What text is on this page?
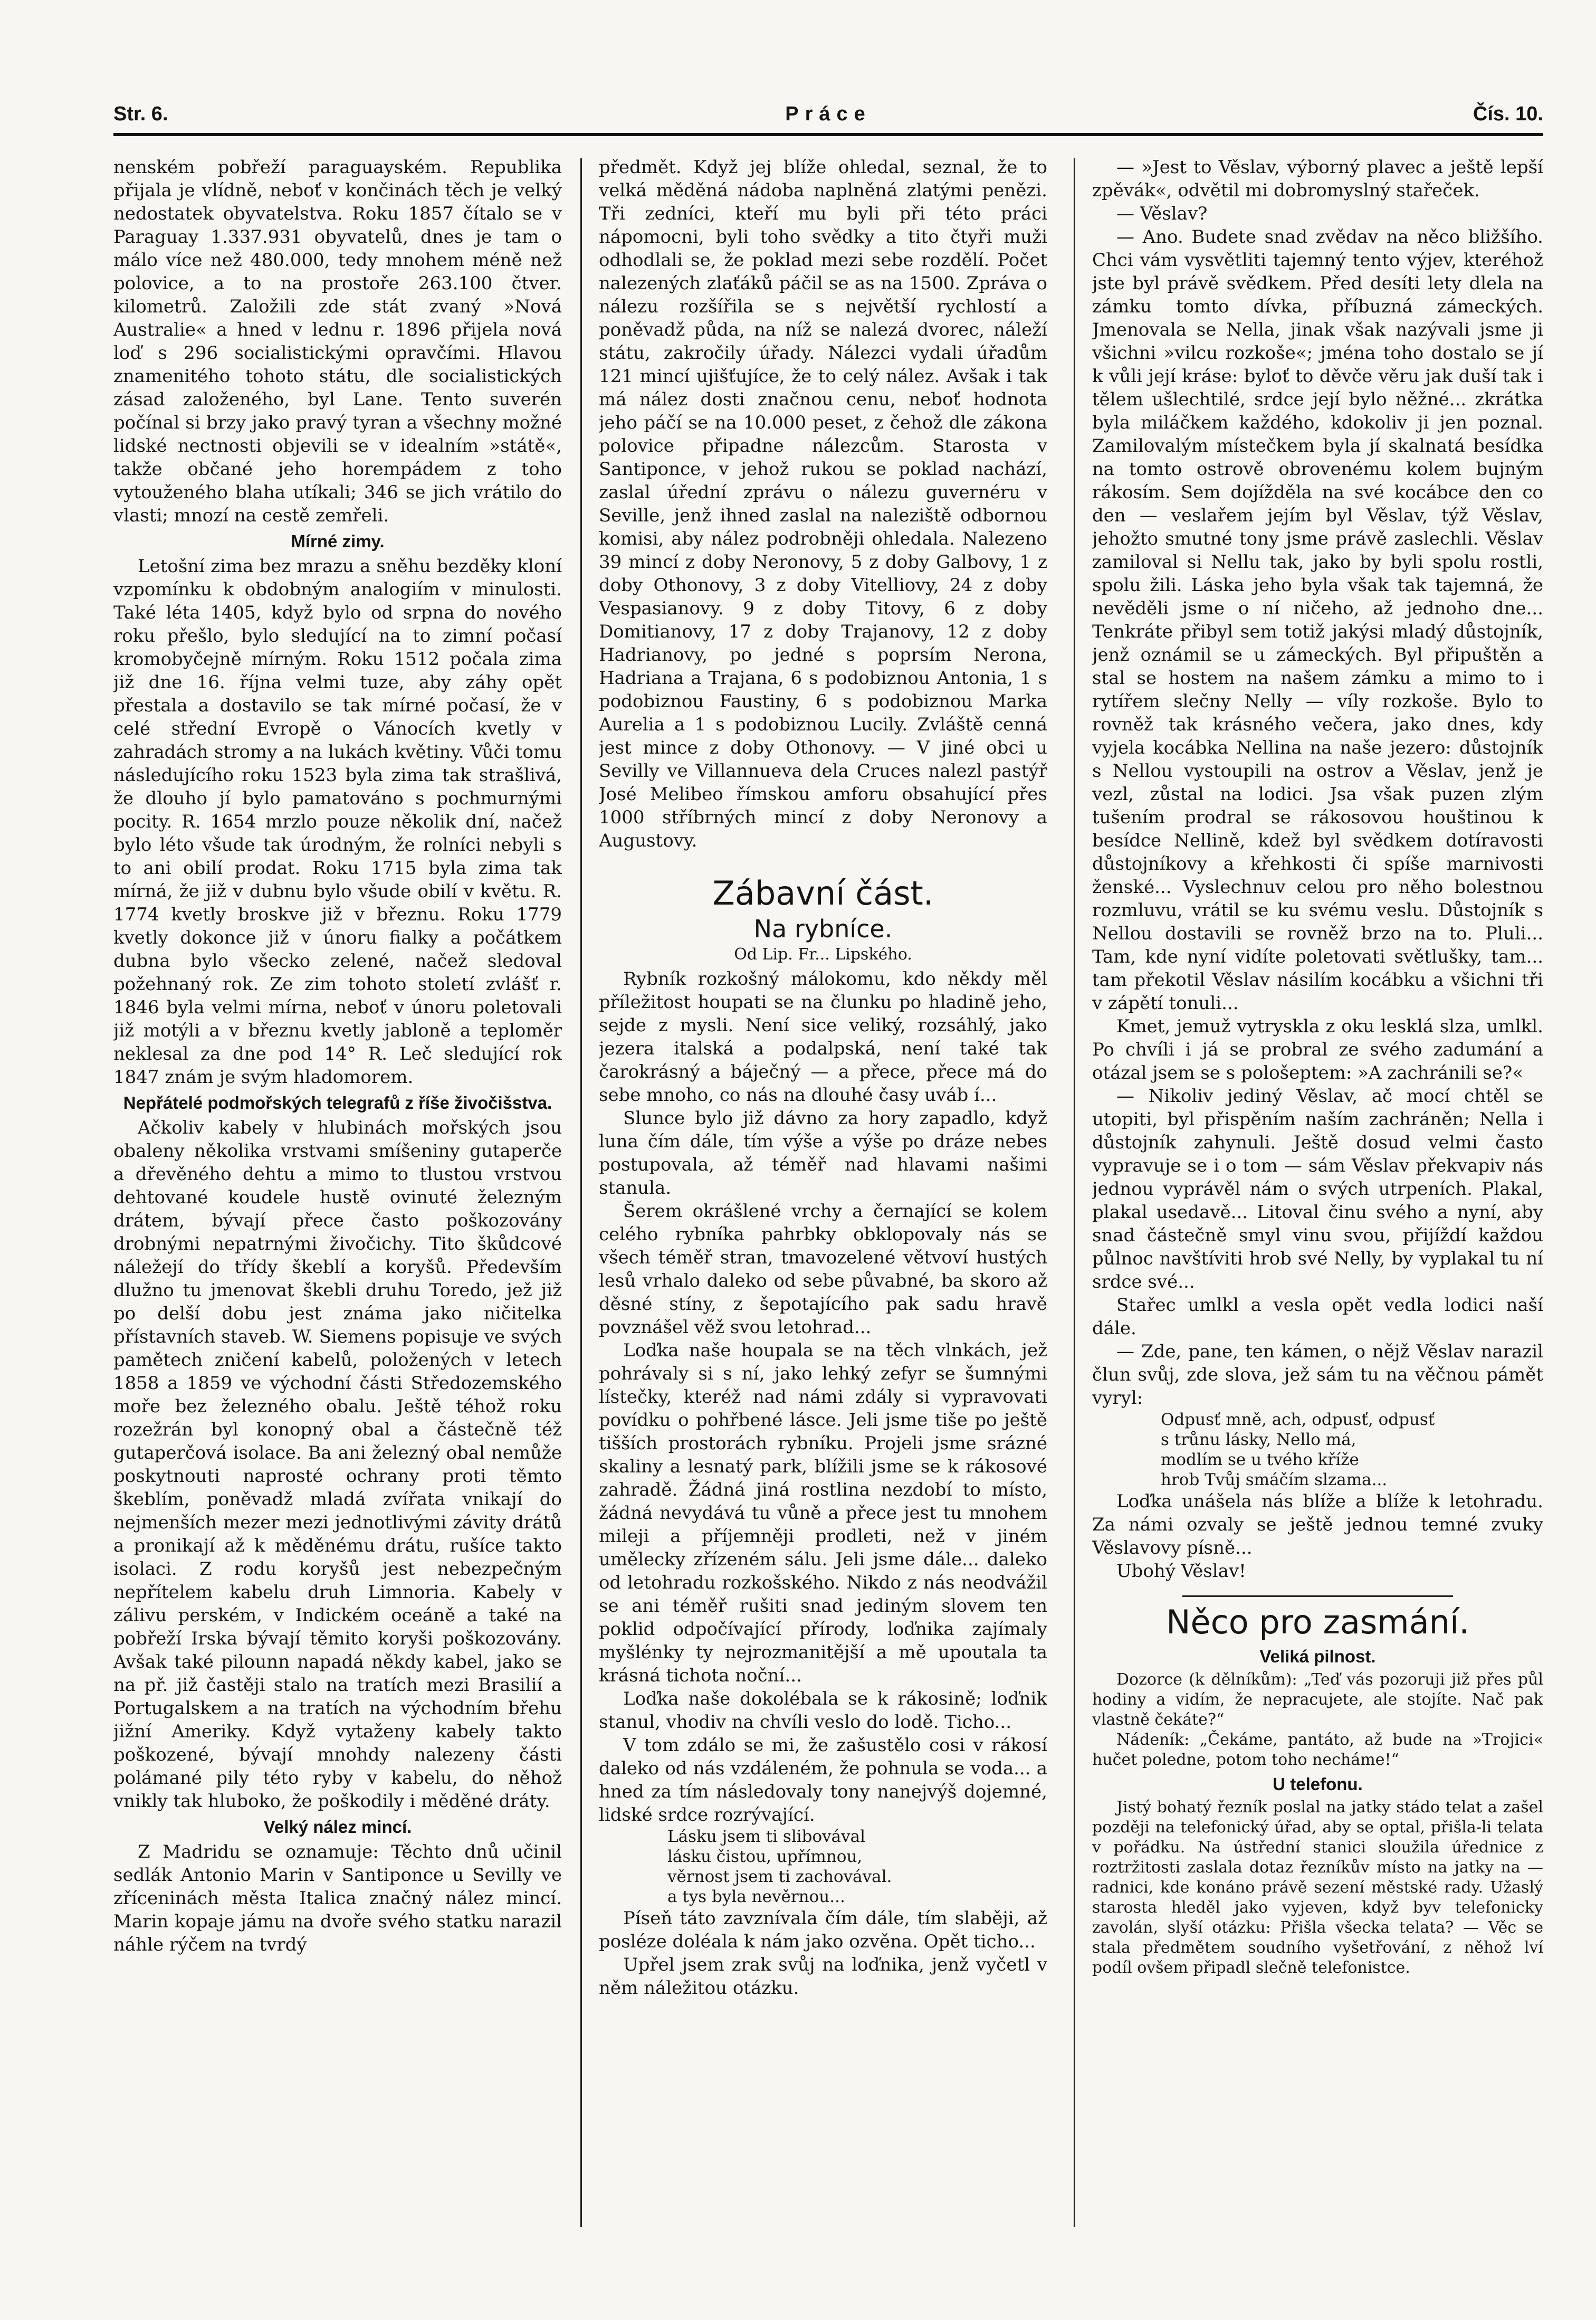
Str. 6.	Práce	Čís. 10.

nenském pobřeží paraguayském. Republika přijala je vlídně, neboť v končinách těch je velký nedostatek obyvatelstva. Roku 1857 čítalo se v Paraguay 1.337.931 obyvatelů, dnes je tam o málo více než 480.000, tedy mnohem méně než polovice, a to na prostoře 263.100 čtver. kilometrů. Založili zde stát zvaný »Nová Australie« a hned v lednu r. 1896 přijela nová loď s 296 socialistickými opravčími. Hlavou znamenitého tohoto státu, dle socialistických zásad založeného, byl Lane. Tento suverén počínal si brzy jako pravý tyran a všechny možné lidské nectnosti objevili se v idealním »státě«, takže občané jeho horempádem z toho vytouženého blaha utíkali; 346 se jich vrátilo do vlasti; mnozí na cestě zemřeli.

Mírné zimy.

Letošní zima bez mrazu a sněhu bezděky kloní vzpomínku k obdobným analogiím v minulosti. Také léta 1405, když bylo od srpna do nového roku přešlo, bylo sledující na to zimní počasí kromobyčejně mírným. Roku 1512 počala zima již dne 16. října velmi tuze, aby záhy opět přestala a dostavilo se tak mírné počasí, že v celé střední Evropě o Vánocích kvetly v zahradách stromy a na lukách květiny. Vůči tomu následujícího roku 1523 byla zima tak strašlivá, že dlouho jí bylo pamatováno s pochmurnými pocity. R. 1654 mrzlo pouze několik dní, načež bylo léto všude tak úrodným, že rolníci nebyli s to ani obilí prodat. Roku 1715 byla zima tak mírná, že již v dubnu bylo všude obilí v květu. R. 1774 kvetly broskve již v březnu. Roku 1779 kvetly dokonce již v únoru fialky a počátkem dubna bylo všecko zelené, načež sledoval požehnaný rok. Ze zim tohoto století zvlášť r. 1846 byla velmi mírna, neboť v únoru poletovali již motýli a v březnu kvetly jabloně a teploměr neklesal za dne pod 14° R. Leč sledující rok 1847 znám je svým hladomorem.

Nepřátelé podmořských telegrafů z říše živočišstva.

Ačkoliv kabely v hlubinách mořských jsou obaleny několika vrstvami smíšeniny gutaperče a dřevěného dehtu a mimo to tlustou vrstvou dehtované koudele hustě ovinuté železným drátem, bývají přece často poškozovány drobnými nepatrnými živočichy. Tito škůdcové náležejí do třídy škeblí a koryšů. Především dlužno tu jmenovat škebli druhu Toredo, jež již po delší dobu jest známa jako ničitelka přístavních staveb. W. Siemens popisuje ve svých pamětech zničení kabelů, položených v letech 1858 a 1859 ve východní části Středozemského moře bez železného obalu. Ještě téhož roku rozežrán byl konopný obal a částečně též gutaperčová isolace. Ba ani železný obal nemůže poskytnouti naprosté ochrany proti těmto škeblím, poněvadž mladá zvířata vnikají do nejmenších mezer mezi jednotlivými závity drátů a pronikají až k měděnému drátu, rušíce takto isolaci. Z rodu koryšů jest nebezpečným nepřítelem kabelu druh Limnoria. Kabely v zálivu perském, v Indickém oceáně a také na pobřeží Irska bývají těmito koryši poškozovány. Avšak také pilounn napadá někdy kabel, jako se na př. již častěji stalo na tratích mezi Brasilií a Portugalskem a na tratích na východním břehu jižní Ameriky. Když vytaženy kabely takto poškozené, bývají mnohdy nalezeny části polámané pily této ryby v kabelu, do něhož vnikly tak hluboko, že poškodily i měděné dráty.

Velký nález mincí.

Z Madridu se oznamuje: Těchto dnů učinil sedlák Antonio Marin v Santiponce u Sevilly ve zříceninách města Italica značný nález mincí. Marin kopaje jámu na dvoře svého statku narazil náhle rýčem na tvrdý

předmět. Když jej blíže ohledal, seznal, že to velká měděná nádoba naplněná zlatými penězi. Tři zedníci, kteří mu byli při této práci nápomocni, byli toho svědky a tito čtyři muži odhodlali se, že poklad mezi sebe rozdělí. Počet nalezených zlaťáků páčil se as na 1500. Zpráva o nálezu rozšířila se s největší rychlostí a poněvadž půda, na níž se nalezá dvorec, náleží státu, zakročily úřady. Nálezci vydali úřadům 121 mincí ujišťujíce, že to celý nález. Avšak i tak má nález dosti značnou cenu, neboť hodnota jeho páčí se na 10.000 peset, z čehož dle zákona polovice připadne nálezcům. Starosta v Santiponce, v jehož rukou se poklad nachází, zaslal úřední zprávu o nálezu guvernéru v Seville, jenž ihned zaslal na naleziště odbornou komisi, aby nález podrobněji ohledala. Nalezeno 39 mincí z doby Neronovy, 5 z doby Galbovy, 1 z doby Othonovy, 3 z doby Vitelliovy, 24 z doby Vespasianovy. 9 z doby Titovy, 6 z doby Domitianovy, 17 z doby Trajanovy, 12 z doby Hadrianovy, po jedné s poprsím Nerona, Hadriana a Trajana, 6 s podobiznou Antonia, 1 s podobiznou Faustiny, 6 s podobiznou Marka Aurelia a 1 s podobiznou Lucily. Zvláště cenná jest mince z doby Othonovy. — V jiné obci u Sevilly ve Villannueva dela Cruces nalezl pastýř José Melibeo římskou amforu obsahující přes 1000 stříbrných mincí z doby Neronovy a Augustovy.

Zábavní část.
Na rybníce.
Od Lip. Fr... Lipského.

Rybník rozkošný málokomu, kdo někdy měl příležitost houpati se na člunku po hladině jeho, sejde z mysli. Není sice veliký, rozsáhlý, jako jezera italská a podalpská, není také tak čarokrásný a báječný — a přece, přece má do sebe mnoho, co nás na dlouhé časy uváb í...

Slunce bylo již dávno za hory zapadlo, když luna čím dále, tím výše a výše po dráze nebes postupovala, až téměř nad hlavami našimi stanula.

Šerem okrášlené vrchy a černající se kolem celého rybníka pahrbky obklopovaly nás se všech téměř stran, tmavozelené větvoví hustých lesů vrhalo daleko od sebe půvabné, ba skoro až děsné stíny, z šepotajícího pak sadu hravě povznášel věž svou letohrad...

Loďka naše houpala se na těch vlnkách, jež pohrávaly si s ní, jako lehký zefyr se šumnými lístečky, kteréž nad námi zdály si vypravovati povídku o pohřbené lásce. Jeli jsme tiše po ještě tišších prostorách rybníku. Projeli jsme srázné skaliny a lesnatý park, blížili jsme se k rákosové zahradě. Žádná jiná rostlina nezdobí to místo, žádná nevydává tu vůně a přece jest tu mnohem mileji a příjemněji prodleti, než v jiném umělecky zřízeném sálu. Jeli jsme dále... daleko od letohradu rozkošského. Nikdo z nás neodvážil se ani téměř rušiti snad jediným slovem ten poklid odpočívající přírody, loďnika zajímaly myšlénky ty nejrozmanitější a mě upoutala ta krásná tichota noční...

Loďka naše dokolébala se k rákosině; loďnik stanul, vhodiv na chvíli veslo do lodě. Ticho...

V tom zdálo se mi, že zašustělo cosi v rákosí daleko od nás vzdáleném, že pohnula se voda... a hned za tím následovaly tony nanejvýš dojemné, lidské srdce rozrývající.

Lásku jsem ti slibovával
lásku čistou, upřímnou,
věrnost jsem ti zachovával.
a tys byla nevěrnou...

Píseň táto zavznívala čím dále, tím slaběji, až posléze doléala k nám jako ozvěna. Opět ticho...

Upřel jsem zrak svůj na loďnika, jenž vyčetl v něm náležitou otázku.

— »Jest to Věslav, výborný plavec a ještě lepší zpěvák«, odvětil mi dobromyslný stařeček.

— Věslav?

— Ano. Budete snad zvědav na něco bližšího. Chci vám vysvětliti tajemný tento výjev, kteréhož jste byl právě svědkem. Před desíti lety dlela na zámku tomto dívka, příbuzná zámeckých. Jmenovala se Nella, jinak však nazývali jsme ji všichni »vilcu rozkoše«; jména toho dostalo se jí k vůli její kráse: byloť to děvče věru jak duší tak i tělem ušlechtilé, srdce její bylo něžné... zkrátka byla miláčkem každého, kdokoliv ji jen poznal. Zamilovalým místečkem byla jí skalnatá besídka na tomto ostrově obrovenému kolem bujným rákosím. Sem dojížděla na své kocábce den co den — veslařem jejím byl Věslav, týž Věslav, jehožto smutné tony jsme právě zaslechli. Věslav zamiloval si Nellu tak, jako by byli spolu rostli, spolu žili. Láska jeho byla však tak tajemná, že nevěděli jsme o ní ničeho, až jednoho dne... Tenkráte přibyl sem totiž jakýsi mladý důstojník, jenž oznámil se u zámeckých. Byl připuštěn a stal se hostem na našem zámku a mimo to i rytířem slečny Nelly — víly rozkoše. Bylo to rovněž tak krásného večera, jako dnes, kdy vyjela kocábka Nellina na naše jezero: důstojník s Nellou vystoupili na ostrov a Věslav, jenž je vezl, zůstal na lodici. Jsa však puzen zlým tušením prodral se rákosovou houštinou k besídce Nellině, kdež byl svědkem dotíravosti důstojníkovy a křehkosti či spíše marnivosti ženské... Vyslechnuv celou pro něho bolestnou rozmluvu, vrátil se ku svému veslu. Důstojník s Nellou dostavili se rovněž brzo na to. Pluli... Tam, kde nyní vidíte poletovati světlušky, tam... tam překotil Věslav násilím kocábku a všichni tři v zápětí tonuli...

Kmet, jemuž vytryskla z oku lesklá slza, umlkl. Po chvíli i já se probral ze svého zadumání a otázal jsem se s pološeptem: »A zachránili se?«

— Nikoliv jediný Věslav, ač mocí chtěl se utopiti, byl přispěním naším zachráněn; Nella i důstojník zahynuli. Ještě dosud velmi často vypravuje se i o tom — sám Věslav překvapiv nás jednou vyprávěl nám o svých utrpeních. Plakal, plakal usedavě... Litoval činu svého a nyní, aby snad částečně smyl vinu svou, přijíždí každou půlnoc navštíviti hrob své Nelly, by vyplakal tu ní srdce své...

Stařec umlkl a vesla opět vedla lodici naší dále.

— Zde, pane, ten kámen, o nějž Věslav narazil člun svůj, zde slova, jež sám tu na věčnou pámět vyryl:

Odpusť mně, ach, odpusť, odpusť
s trůnu lásky, Nello má,
modlím se u tvého kříže
hrob Tvůj smáčím slzama...

Loďka unášela nás blíže a blíže k letohradu. Za námi ozvaly se ještě jednou temné zvuky Věslavovy písně...

Ubohý Věslav!

Něco pro zasmání.
Veliká pilnost.

Dozorce (k dělníkům): „Teď vás pozoruji již přes půl hodiny a vidím, že nepracujete, ale stojíte. Nač pak vlastně čekáte?“

Nádeník: „Čekáme, pantáto, až bude na »Trojici« hučet poledne, potom toho necháme!“

U telefonu.

Jistý bohatý řezník poslal na jatky stádo telat a zašel později na telefonický úřad, aby se optal, přišla-li telata v pořádku. Na ústřední stanici sloužila úřednice z roztržitosti zaslala dotaz řezníkův místo na jatky na — radnici, kde konáno právě sezení městské rady. Užaslý starosta hleděl jako vyjeven, když byv telefonicky zavolán, slyší otázku: Přišla všecka telata? — Věc se stala předmětem soudního vyšetřování, z něhož lví podíl ovšem připadl slečně telefonistce.
